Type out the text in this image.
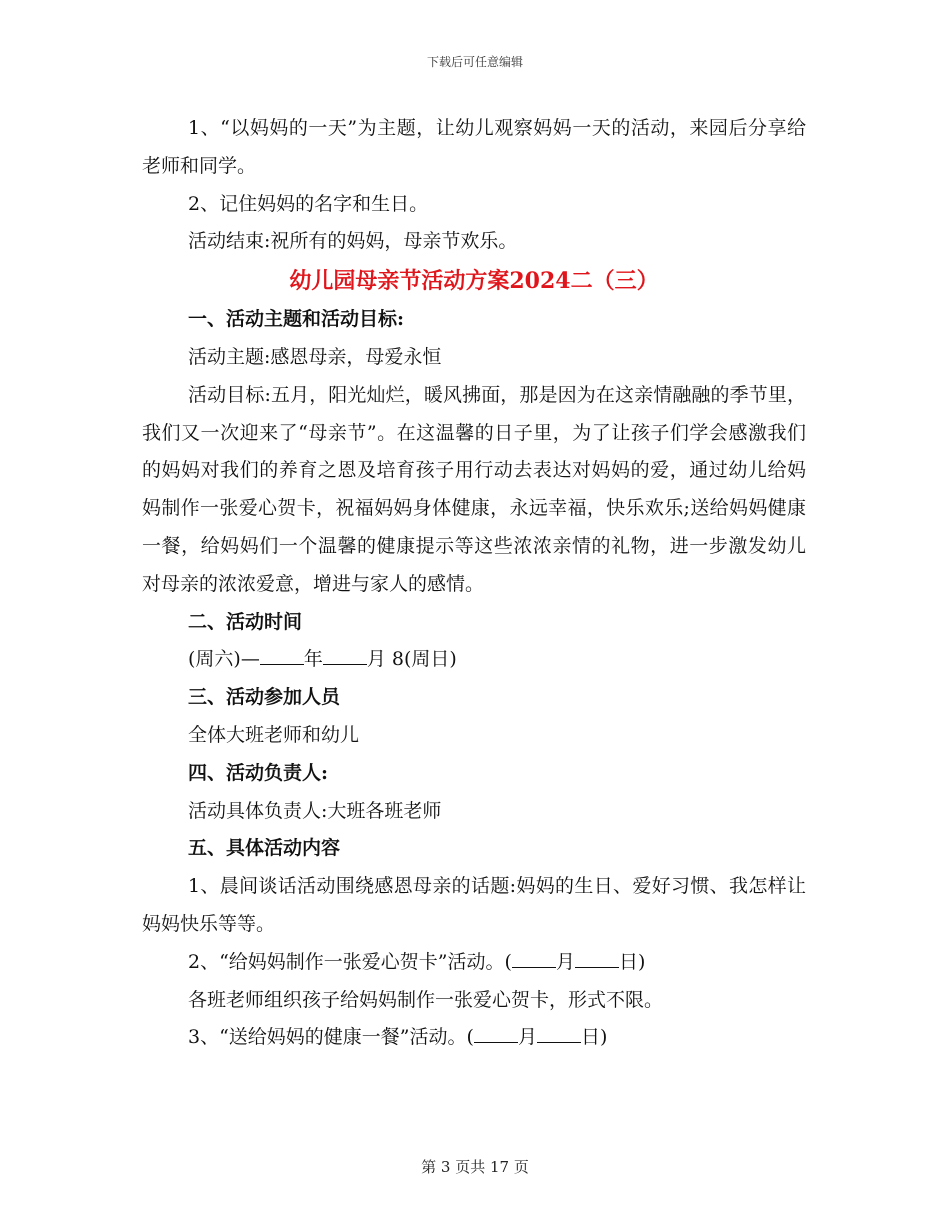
下载后可任意编辑

1、“以妈妈的一天”为主题，让幼儿观察妈妈一天的活动，来园后分享给老师和同学。

2、记住妈妈的名字和生日。

活动结束:祝所有的妈妈，母亲节欢乐。

幼儿园母亲节活动方案2024二（三）

一、活动主题和活动目标:

活动主题:感恩母亲，母爱永恒

活动目标:五月，阳光灿烂，暖风拂面，那是因为在这亲情融融的季节里，我们又一次迎来了“母亲节”。在这温馨的日子里，为了让孩子们学会感激我们的妈妈对我们的养育之恩及培育孩子用行动去表达对妈妈的爱，通过幼儿给妈妈制作一张爱心贺卡，祝福妈妈身体健康，永远幸福，快乐欢乐;送给妈妈健康一餐，给妈妈们一个温馨的健康提示等这些浓浓亲情的礼物，进一步激发幼儿对母亲的浓浓爱意，增进与家人的感情。

二、活动时间

(周六)— 年 月 8(周日)

三、活动参加人员

全体大班老师和幼儿

四、活动负责人:

活动具体负责人:大班各班老师

五、具体活动内容

1、晨间谈话活动围绕感恩母亲的话题:妈妈的生日、爱好习惯、我怎样让妈妈快乐等等。

2、“给妈妈制作一张爱心贺卡”活动。( 月 日)

各班老师组织孩子给妈妈制作一张爱心贺卡，形式不限。

3、“送给妈妈的健康一餐”活动。( 月 日)

第 3 页共 17 页
